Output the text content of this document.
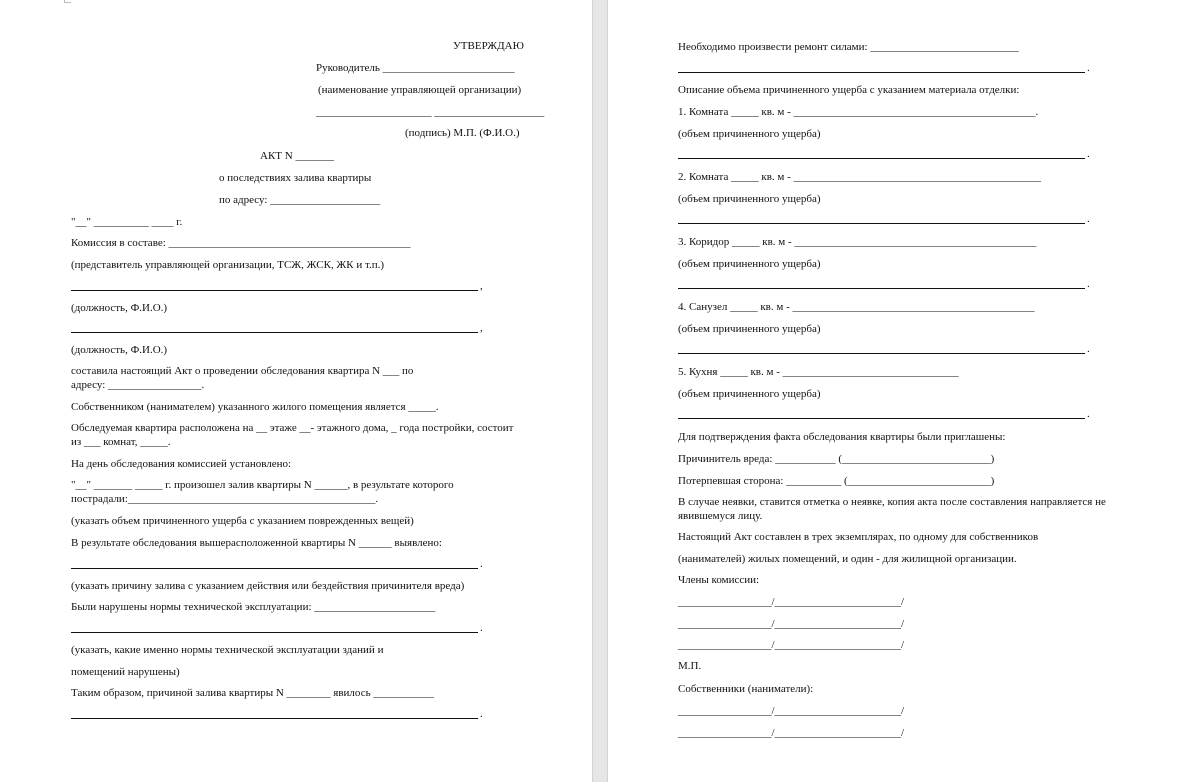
УТВЕРЖДАЮ
Руководитель ________________________
(наименование управляющей организации)
_____________________ ____________________
(подпись) М.П. (Ф.И.О.)
АКТ N _______
о последствиях залива квартиры
по адресу: ____________________
"__" __________ ____ г.
Комиссия в составе: ____________________________________________
(представитель управляющей организации, ТСЖ, ЖСК, ЖК и т.п.)
,
(должность, Ф.И.О.)
,
(должность, Ф.И.О.)
составила настоящий Акт о проведении обследования квартира N ___ по
адресу: _________________.
Собственником (нанимателем) указанного жилого помещения является _____.
Обследуемая квартира расположена на __ этаже __- этажного дома, _ года постройки, состоит
из ___ комнат, _____.
На день обследования комиссией установлено:
"__" _______ _____ г. произошел залив квартиры N ______, в результате которого
пострадали:_____________________________________________.
(указать объем причиненного ущерба с указанием поврежденных вещей)
В результате обследования вышерасположенной квартиры N ______ выявлено:
.
(указать причину залива с указанием действия или бездействия причинителя вреда)
Были нарушены нормы технической эксплуатации: ______________________
.
(указать, какие именно нормы технической эксплуатации зданий и
помещений нарушены)
Таким образом, причиной залива квартиры N ________ явилось ___________
.
Необходимо произвести ремонт силами: ___________________________
.
Описание объема причиненного ущерба с указанием материала отделки:
1. Комната _____ кв. м - ____________________________________________.
(объем причиненного ущерба)
.
2. Комната _____ кв. м - _____________________________________________
(объем причиненного ущерба)
.
3. Коридор _____ кв. м - ____________________________________________
(объем причиненного ущерба)
.
4. Санузел _____ кв. м - ____________________________________________
(объем причиненного ущерба)
.
5. Кухня _____ кв. м - ________________________________
(объем причиненного ущерба)
.
Для подтверждения факта обследования квартиры были приглашены:
Причинитель вреда: ___________ (___________________________)
Потерпевшая сторона: __________ (__________________________)
В случае неявки, ставится отметка о неявке, копия акта после составления направляется не
явившемуся лицу.
Настоящий Акт составлен в трех экземплярах, по одному для собственников
(нанимателей) жилых помещений, и один - для жилищной организации.
Члены комиссии:
_________________/_______________________/
_________________/_______________________/
_________________/_______________________/
М.П.
Собственники (наниматели):
_________________/_______________________/
_________________/_______________________/
